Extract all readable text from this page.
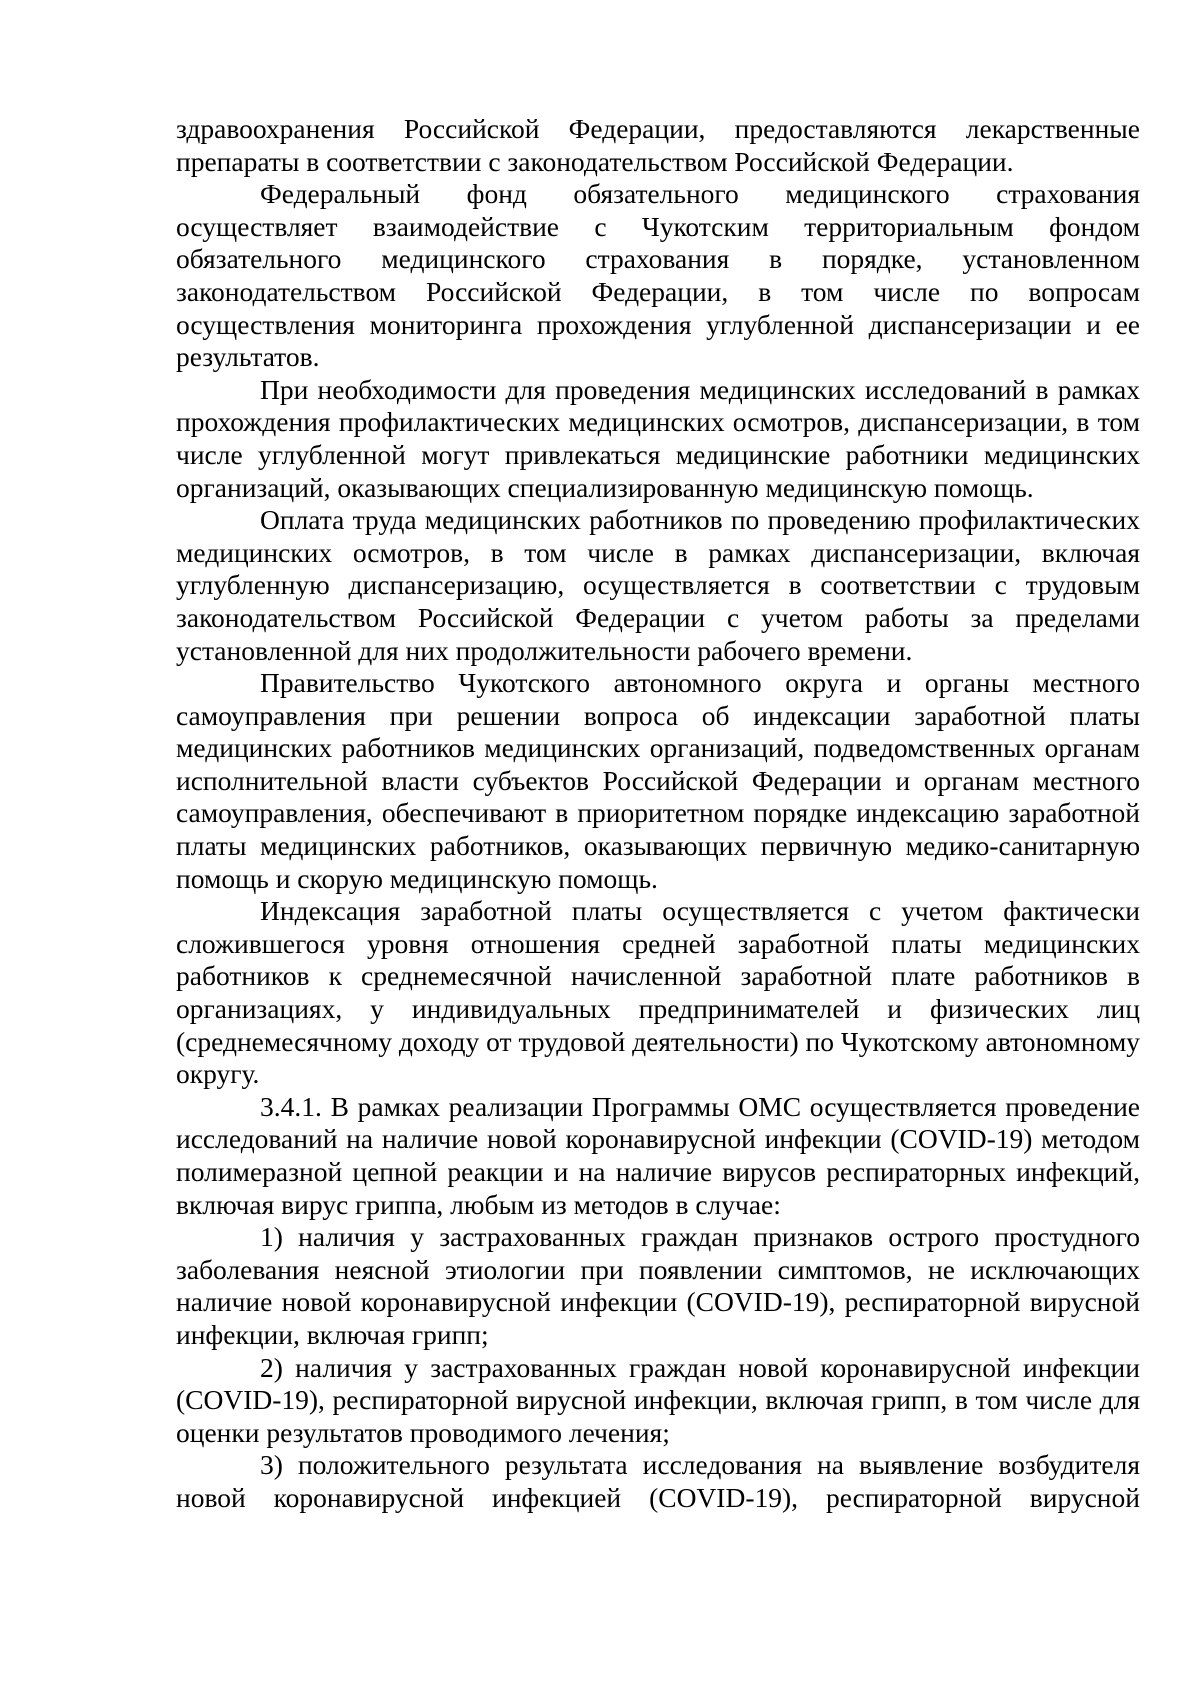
здравоохранения Российской Федерации, предоставляются лекарственные препараты в соответствии с законодательством Российской Федерации.

Федеральный фонд обязательного медицинского страхования осуществляет взаимодействие с Чукотским территориальным фондом обязательного медицинского страхования в порядке, установленном законодательством Российской Федерации, в том числе по вопросам осуществления мониторинга прохождения углубленной диспансеризации и ее результатов.

При необходимости для проведения медицинских исследований в рамках прохождения профилактических медицинских осмотров, диспансеризации, в том числе углубленной могут привлекаться медицинские работники медицинских организаций, оказывающих специализированную медицинскую помощь.

Оплата труда медицинских работников по проведению профилактических медицинских осмотров, в том числе в рамках диспансеризации, включая углубленную диспансеризацию, осуществляется в соответствии с трудовым законодательством Российской Федерации с учетом работы за пределами установленной для них продолжительности рабочего времени.

Правительство Чукотского автономного округа и органы местного самоуправления при решении вопроса об индексации заработной платы медицинских работников медицинских организаций, подведомственных органам исполнительной власти субъектов Российской Федерации и органам местного самоуправления, обеспечивают в приоритетном порядке индексацию заработной платы медицинских работников, оказывающих первичную медико-санитарную помощь и скорую медицинскую помощь.

Индексация заработной платы осуществляется с учетом фактически сложившегося уровня отношения средней заработной платы медицинских работников к среднемесячной начисленной заработной плате работников в организациях, у индивидуальных предпринимателей и физических лиц (среднемесячному доходу от трудовой деятельности) по Чукотскому автономному округу.

3.4.1. В рамках реализации Программы ОМС осуществляется проведение исследований на наличие новой коронавирусной инфекции (COVID-19) методом полимеразной цепной реакции и на наличие вирусов респираторных инфекций, включая вирус гриппа, любым из методов в случае:

1) наличия у застрахованных граждан признаков острого простудного заболевания неясной этиологии при появлении симптомов, не исключающих наличие новой коронавирусной инфекции (COVID-19), респираторной вирусной инфекции, включая грипп;

2) наличия у застрахованных граждан новой коронавирусной инфекции (COVID-19), респираторной вирусной инфекции, включая грипп, в том числе для оценки результатов проводимого лечения;

3) положительного результата исследования на выявление возбудителя новой коронавирусной инфекцией (COVID-19), респираторной вирусной
